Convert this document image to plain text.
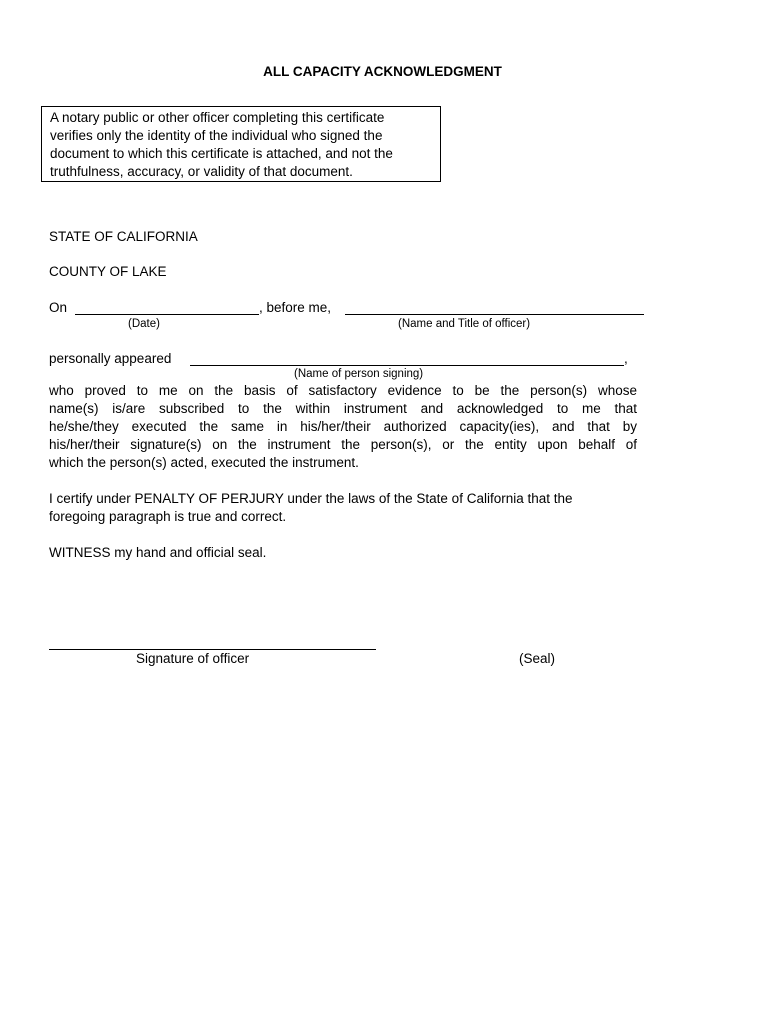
ALL CAPACITY ACKNOWLEDGMENT
A notary public or other officer completing this certificate
verifies only the identity of the individual who signed the
document to which this certificate is attached, and not the
truthfulness, accuracy, or validity of that document.
STATE OF CALIFORNIA
COUNTY OF LAKE
On	, before me,
(Date)	(Name and Title of officer)
personally appeared	,
(Name of person signing)
who proved to me on the basis of satisfactory evidence to be the person(s) whose
name(s) is/are subscribed to the within instrument and acknowledged to me that
he/she/they executed the same in his/her/their authorized capacity(ies), and that by
his/her/their signature(s) on the instrument the person(s), or the entity upon behalf of
which the person(s) acted, executed the instrument.
I certify under PENALTY OF PERJURY under the laws of the State of California that the
foregoing paragraph is true and correct.
WITNESS my hand and official seal.
Signature of officer	(Seal)
